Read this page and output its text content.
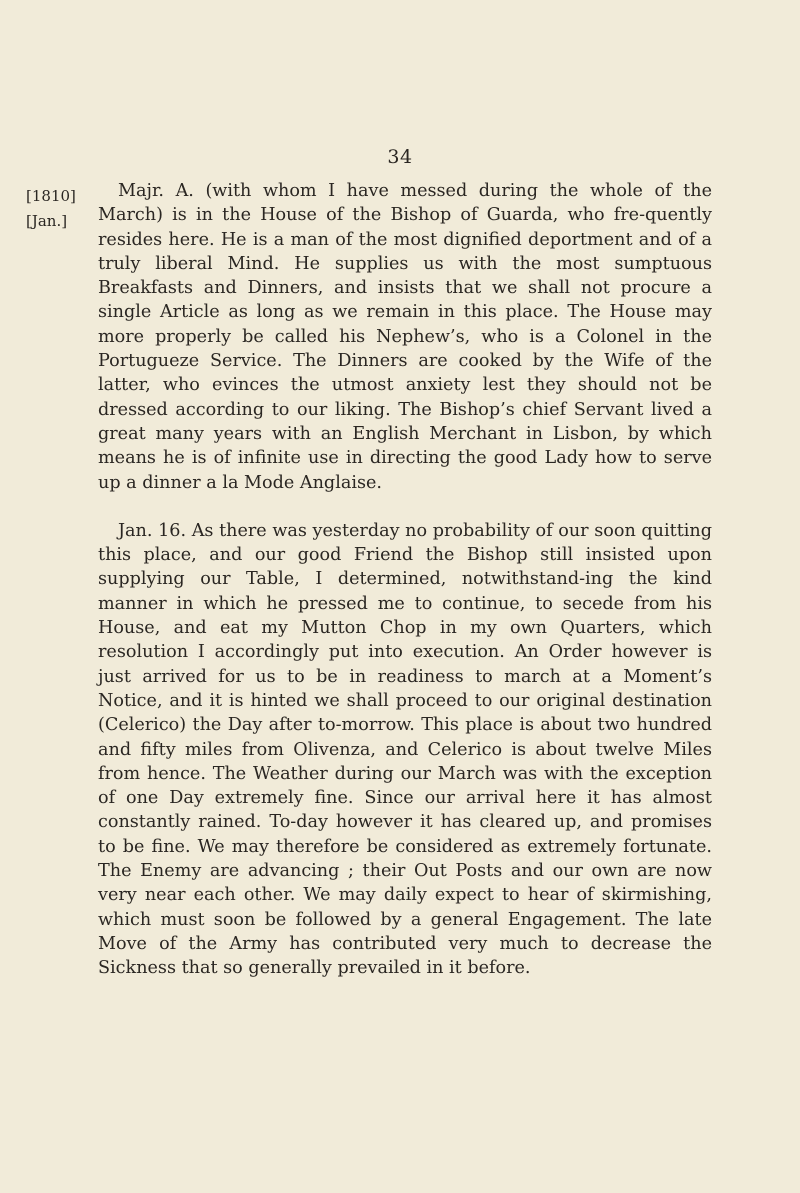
34
[1810]
[Jan.]

Majr. A. (with whom I have messed during the whole of the March) is in the House of the Bishop of Guarda, who fre-quently resides here. He is a man of the most dignified deportment and of a truly liberal Mind. He supplies us with the most sumptuous Breakfasts and Dinners, and insists that we shall not procure a single Article as long as we remain in this place. The House may more properly be called his Nephew’s, who is a Colonel in the Portugueze Service. The Dinners are cooked by the Wife of the latter, who evinces the utmost anxiety lest they should not be dressed according to our liking. The Bishop’s chief Servant lived a great many years with an English Merchant in Lisbon, by which means he is of infinite use in directing the good Lady how to serve up a dinner a la Mode Anglaise.

Jan. 16. As there was yesterday no probability of our soon quitting this place, and our good Friend the Bishop still insisted upon supplying our Table, I determined, notwithstand-ing the kind manner in which he pressed me to continue, to secede from his House, and eat my Mutton Chop in my own Quarters, which resolution I accordingly put into execution. An Order however is just arrived for us to be in readiness to march at a Moment’s Notice, and it is hinted we shall proceed to our original destination (Celerico) the Day after to-morrow. This place is about two hundred and fifty miles from Olivenza, and Celerico is about twelve Miles from hence. The Weather during our March was with the exception of one Day extremely fine. Since our arrival here it has almost constantly rained. To-day however it has cleared up, and promises to be fine. We may therefore be considered as extremely fortunate. The Enemy are advancing ; their Out Posts and our own are now very near each other. We may daily expect to hear of skirmishing, which must soon be followed by a general Engagement. The late Move of the Army has contributed very much to decrease the Sickness that so generally prevailed in it before.
